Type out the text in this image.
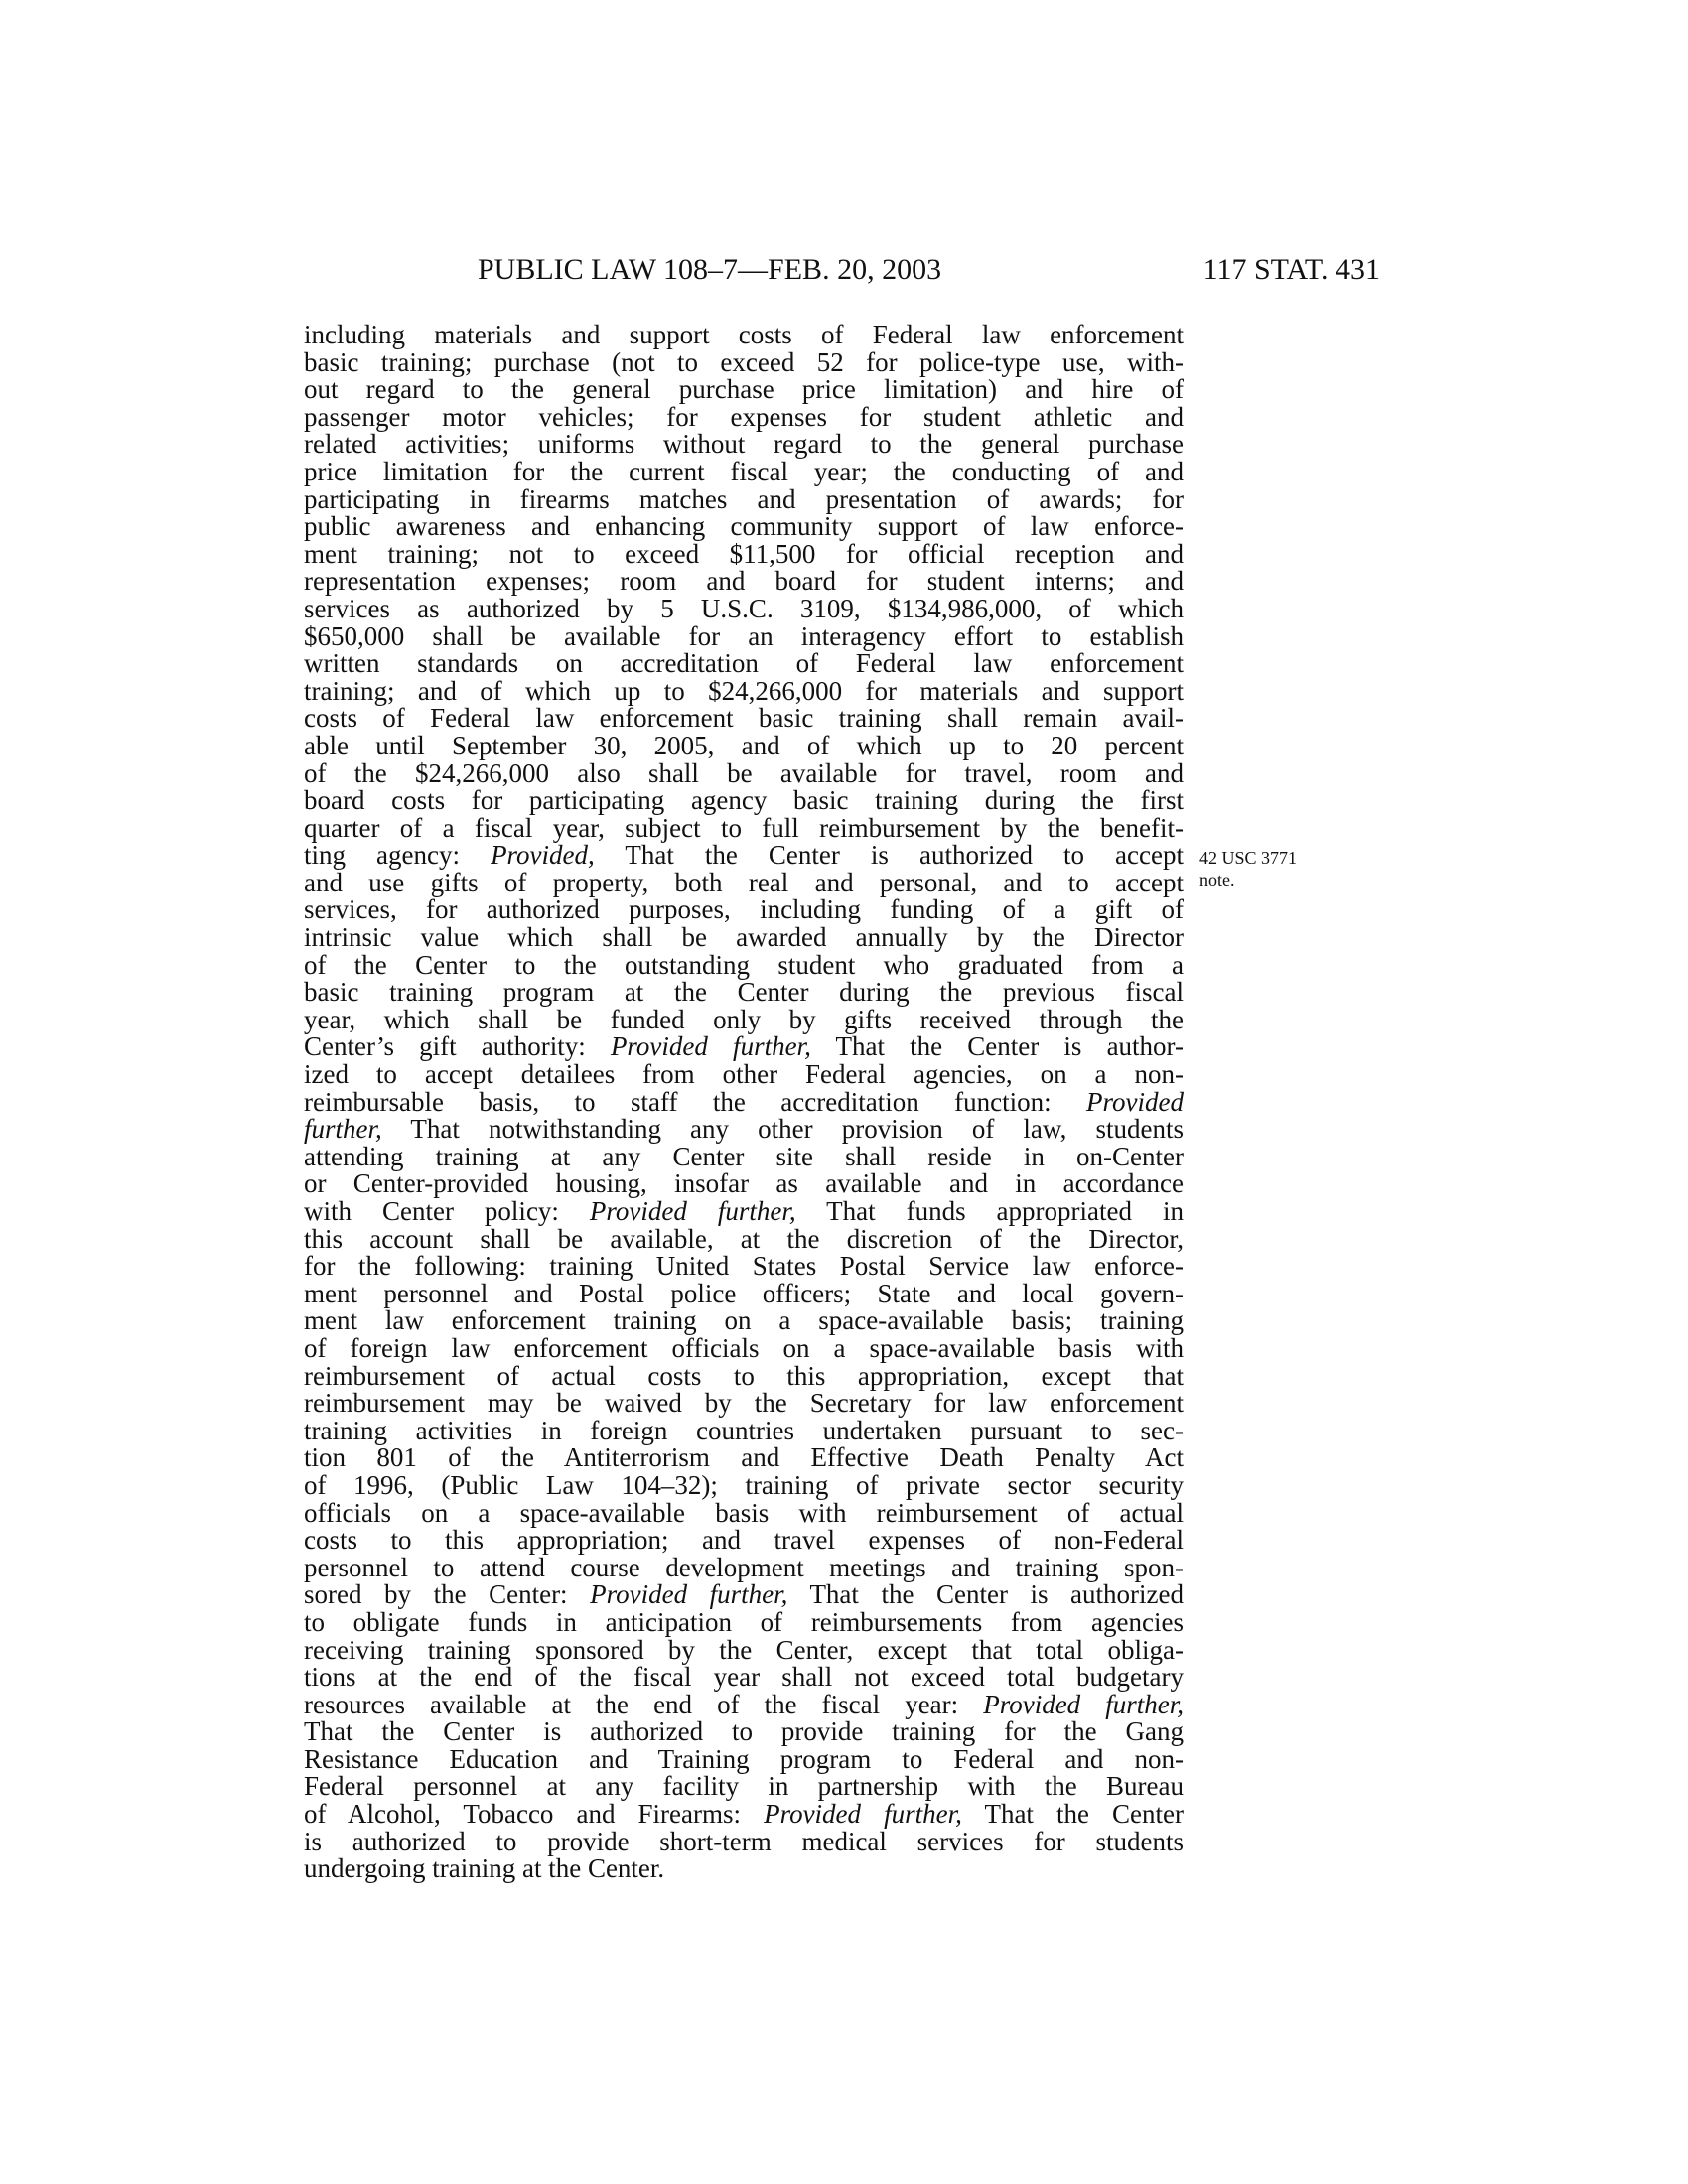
PUBLIC LAW 108–7—FEB. 20, 2003	117 STAT. 431
including materials and support costs of Federal law enforcement
basic training; purchase (not to exceed 52 for police-type use, with-
out regard to the general purchase price limitation) and hire of
passenger motor vehicles; for expenses for student athletic and
related activities; uniforms without regard to the general purchase
price limitation for the current fiscal year; the conducting of and
participating in firearms matches and presentation of awards; for
public awareness and enhancing community support of law enforce-
ment training; not to exceed $11,500 for official reception and
representation expenses; room and board for student interns; and
services as authorized by 5 U.S.C. 3109, $134,986,000, of which
$650,000 shall be available for an interagency effort to establish
written standards on accreditation of Federal law enforcement
training; and of which up to $24,266,000 for materials and support
costs of Federal law enforcement basic training shall remain avail-
able until September 30, 2005, and of which up to 20 percent
of the $24,266,000 also shall be available for travel, room and
board costs for participating agency basic training during the first
quarter of a fiscal year, subject to full reimbursement by the benefit-
ting agency: Provided, That the Center is authorized to accept
and use gifts of property, both real and personal, and to accept
services, for authorized purposes, including funding of a gift of
intrinsic value which shall be awarded annually by the Director
of the Center to the outstanding student who graduated from a
basic training program at the Center during the previous fiscal
year, which shall be funded only by gifts received through the
Center’s gift authority: Provided further, That the Center is author-
ized to accept detailees from other Federal agencies, on a non-
reimbursable basis, to staff the accreditation function: Provided
further, That notwithstanding any other provision of law, students
attending training at any Center site shall reside in on-Center
or Center-provided housing, insofar as available and in accordance
with Center policy: Provided further, That funds appropriated in
this account shall be available, at the discretion of the Director,
for the following: training United States Postal Service law enforce-
ment personnel and Postal police officers; State and local govern-
ment law enforcement training on a space-available basis; training
of foreign law enforcement officials on a space-available basis with
reimbursement of actual costs to this appropriation, except that
reimbursement may be waived by the Secretary for law enforcement
training activities in foreign countries undertaken pursuant to sec-
tion 801 of the Antiterrorism and Effective Death Penalty Act
of 1996, (Public Law 104–32); training of private sector security
officials on a space-available basis with reimbursement of actual
costs to this appropriation; and travel expenses of non-Federal
personnel to attend course development meetings and training spon-
sored by the Center: Provided further, That the Center is authorized
to obligate funds in anticipation of reimbursements from agencies
receiving training sponsored by the Center, except that total obliga-
tions at the end of the fiscal year shall not exceed total budgetary
resources available at the end of the fiscal year: Provided further,
That the Center is authorized to provide training for the Gang
Resistance Education and Training program to Federal and non-
Federal personnel at any facility in partnership with the Bureau
of Alcohol, Tobacco and Firearms: Provided further, That the Center
is authorized to provide short-term medical services for students
undergoing training at the Center.
42 USC 3771
note.
